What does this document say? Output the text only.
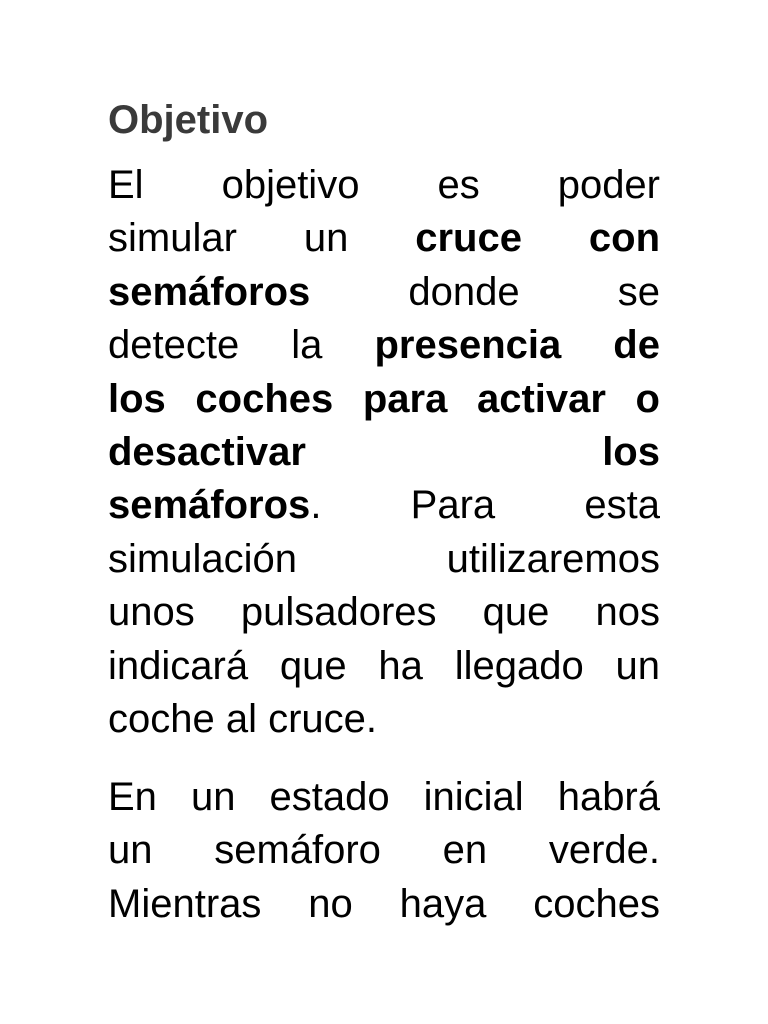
Objetivo
El objetivo es poder
simular un cruce con
semáforos donde se
detecte la presencia de
los coches para activar o
desactivar los
semáforos. Para esta
simulación utilizaremos
unos pulsadores que nos
indicará que ha llegado un
coche al cruce.
En un estado inicial habrá
un semáforo en verde.
Mientras no haya coches
